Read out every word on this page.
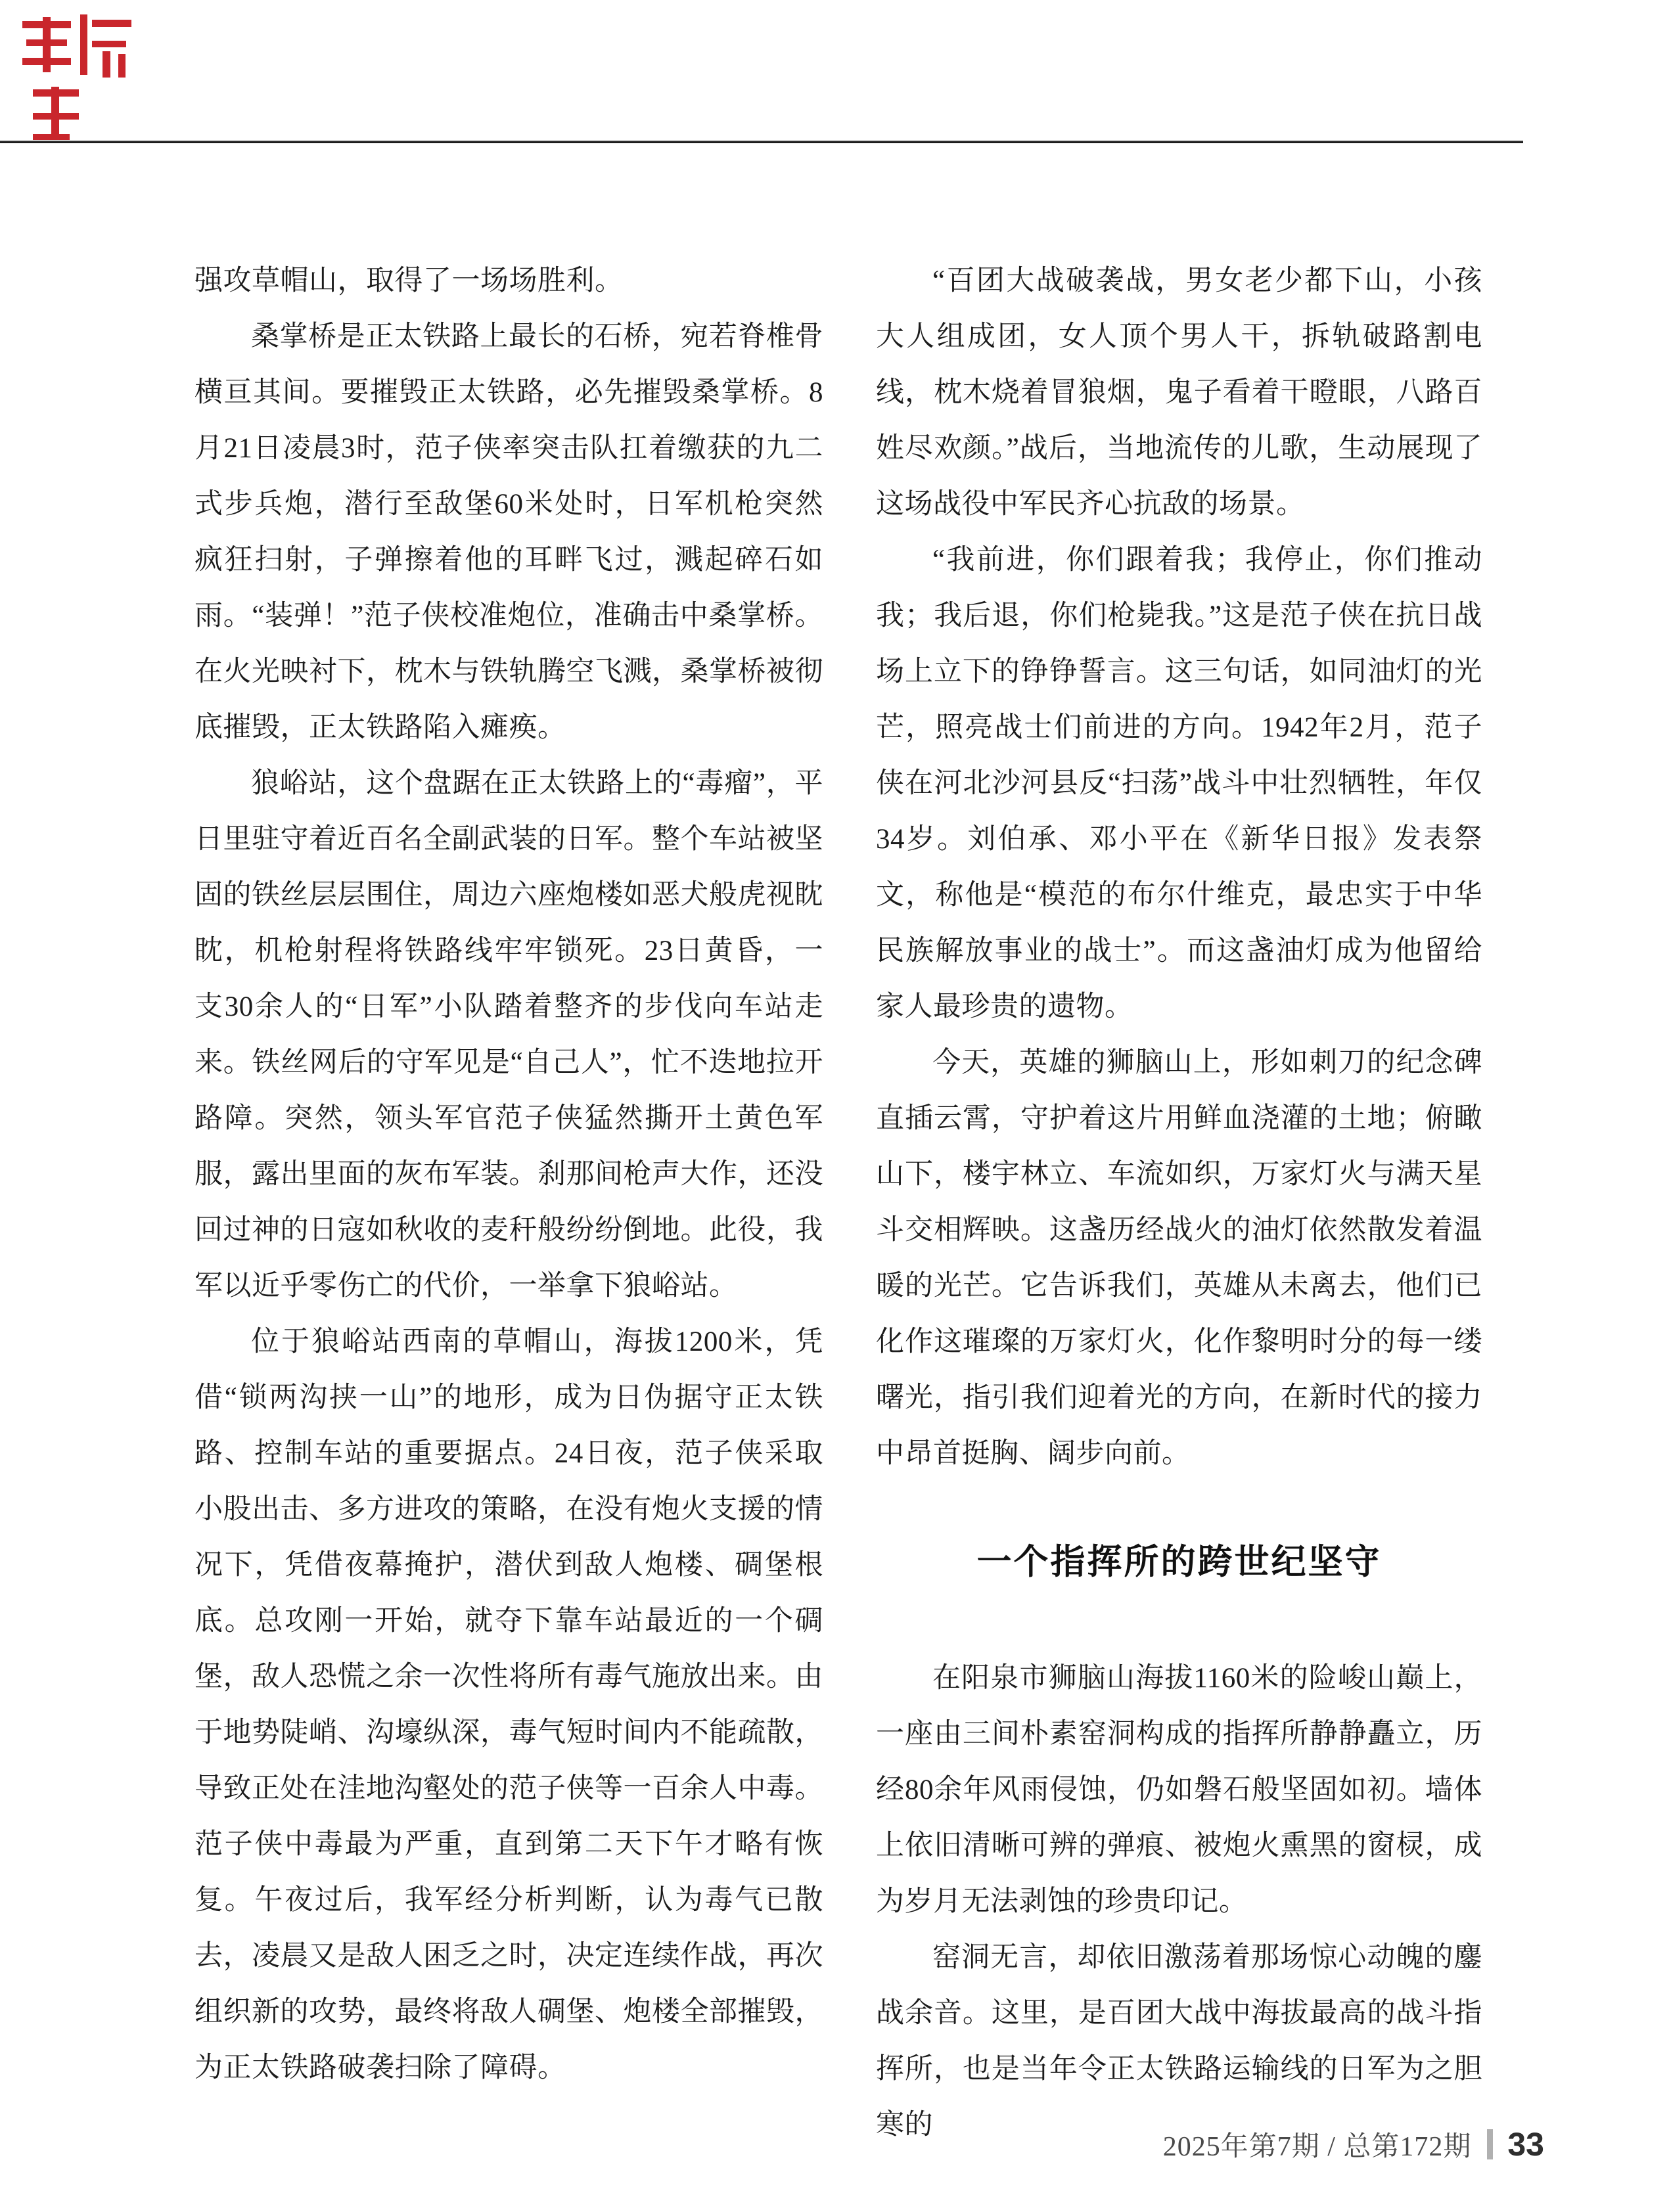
强攻草帽山，取得了一场场胜利。

桑掌桥是正太铁路上最长的石桥，宛若脊椎骨横亘其间。要摧毁正太铁路，必先摧毁桑掌桥。8月21日凌晨3时，范子侠率突击队扛着缴获的九二式步兵炮，潜行至敌堡60米处时，日军机枪突然疯狂扫射，子弹擦着他的耳畔飞过，溅起碎石如雨。“装弹！”范子侠校准炮位，准确击中桑掌桥。在火光映衬下，枕木与铁轨腾空飞溅，桑掌桥被彻底摧毁，正太铁路陷入瘫痪。

狼峪站，这个盘踞在正太铁路上的“毒瘤”，平日里驻守着近百名全副武装的日军。整个车站被坚固的铁丝层层围住，周边六座炮楼如恶犬般虎视眈眈，机枪射程将铁路线牢牢锁死。23日黄昏，一支30余人的“日军”小队踏着整齐的步伐向车站走来。铁丝网后的守军见是“自己人”，忙不迭地拉开路障。突然，领头军官范子侠猛然撕开土黄色军服，露出里面的灰布军装。刹那间枪声大作，还没回过神的日寇如秋收的麦秆般纷纷倒地。此役，我军以近乎零伤亡的代价，一举拿下狼峪站。

位于狼峪站西南的草帽山，海拔1200米，凭借“锁两沟挟一山”的地形，成为日伪据守正太铁路、控制车站的重要据点。24日夜，范子侠采取小股出击、多方进攻的策略，在没有炮火支援的情况下，凭借夜幕掩护，潜伏到敌人炮楼、碉堡根底。总攻刚一开始，就夺下靠车站最近的一个碉堡，敌人恐慌之余一次性将所有毒气施放出来。由于地势陡峭、沟壕纵深，毒气短时间内不能疏散，导致正处在洼地沟壑处的范子侠等一百余人中毒。范子侠中毒最为严重，直到第二天下午才略有恢复。午夜过后，我军经分析判断，认为毒气已散去，凌晨又是敌人困乏之时，决定连续作战，再次组织新的攻势，最终将敌人碉堡、炮楼全部摧毁，为正太铁路破袭扫除了障碍。

“百团大战破袭战，男女老少都下山，小孩大人组成团，女人顶个男人干，拆轨破路割电线，枕木烧着冒狼烟，鬼子看着干瞪眼，八路百姓尽欢颜。”战后，当地流传的儿歌，生动展现了这场战役中军民齐心抗敌的场景。

“我前进，你们跟着我；我停止，你们推动我；我后退，你们枪毙我。”这是范子侠在抗日战场上立下的铮铮誓言。这三句话，如同油灯的光芒，照亮战士们前进的方向。1942年2月，范子侠在河北沙河县反“扫荡”战斗中壮烈牺牲，年仅34岁。刘伯承、邓小平在《新华日报》发表祭文，称他是“模范的布尔什维克，最忠实于中华民族解放事业的战士”。而这盏油灯成为他留给家人最珍贵的遗物。

今天，英雄的狮脑山上，形如刺刀的纪念碑直插云霄，守护着这片用鲜血浇灌的土地；俯瞰山下，楼宇林立、车流如织，万家灯火与满天星斗交相辉映。这盏历经战火的油灯依然散发着温暖的光芒。它告诉我们，英雄从未离去，他们已化作这璀璨的万家灯火，化作黎明时分的每一缕曙光，指引我们迎着光的方向，在新时代的接力中昂首挺胸、阔步向前。

一个指挥所的跨世纪坚守

在阳泉市狮脑山海拔1160米的险峻山巅上，一座由三间朴素窑洞构成的指挥所静静矗立，历经80余年风雨侵蚀，仍如磐石般坚固如初。墙体上依旧清晰可辨的弹痕、被炮火熏黑的窗棂，成为岁月无法剥蚀的珍贵印记。

窑洞无言，却依旧激荡着那场惊心动魄的鏖战余音。这里，是百团大战中海拔最高的战斗指挥所，也是当年令正太铁路运输线的日军为之胆寒的

2025年第7期 / 总第172期 33
